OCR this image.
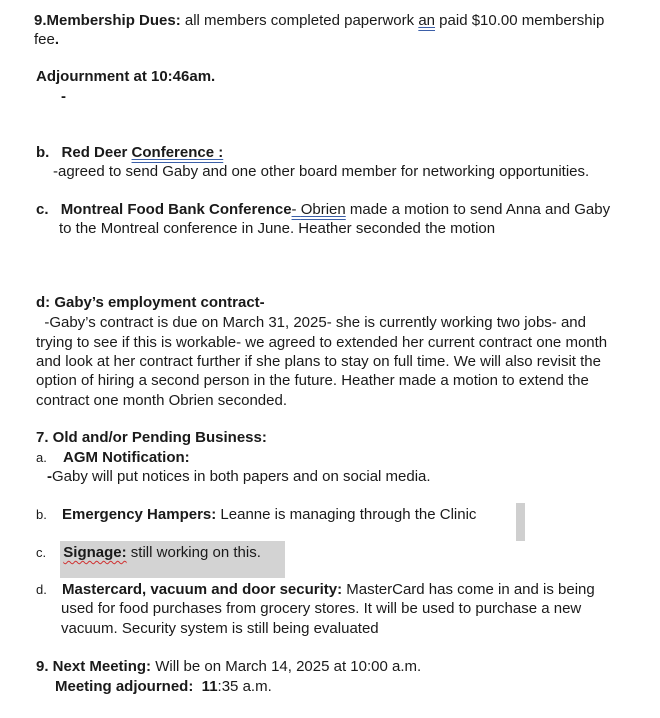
9.Membership Dues: all members completed paperwork an paid $10.00 membership
fee.
Adjournment at 10:46am.
-
b. Red Deer Conference :
-agreed to send Gaby and one other board member for networking opportunities.
c. Montreal Food Bank Conference- Obrien made a motion to send Anna and Gaby
to the Montreal conference in June. Heather seconded the motion
d: Gaby’s employment contract-
-Gaby’s contract is due on March 31, 2025- she is currently working two jobs- and
trying to see if this is workable- we agreed to extended her current contract one month
and look at her contract further if she plans to stay on full time. We will also revisit the
option of hiring a second person in the future. Heather made a motion to extend the
contract one month Obrien seconded.
7. Old and/or Pending Business:
a. AGM Notification:
-Gaby will put notices in both papers and on social media.
b. Emergency Hampers: Leanne is managing through the Clinic
c. Signage: still working on this.
d. Mastercard, vacuum and door security: MasterCard has come in and is being
used for food purchases from grocery stores. It will be used to purchase a new
vacuum. Security system is still being evaluated
9. Next Meeting: Will be on March 14, 2025 at 10:00 a.m.
Meeting adjourned:  11:35 a.m.
